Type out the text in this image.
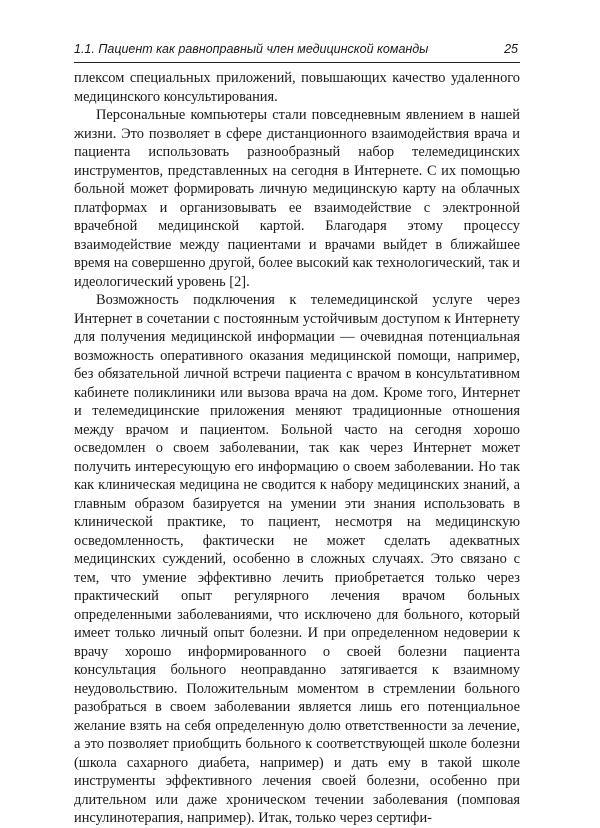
1.1. Пациент как равноправный член медицинской команды	25

плексом специальных приложений, повышающих качество удаленного медицинского консультирования.

Персональные компьютеры стали повседневным явлением в нашей жизни. Это позволяет в сфере дистанционного взаимодействия врача и пациента использовать разнообразный набор телемедицинских инструментов, представленных на сегодня в Интернете. С их помощью больной может формировать личную медицинскую карту на облачных платформах и организовывать ее взаимодействие с электронной врачебной медицинской картой. Благодаря этому процессу взаимодействие между пациентами и врачами выйдет в ближайшее время на совершенно другой, более высокий как технологический, так и идеологический уровень [2].

Возможность подключения к телемедицинской услуге через Интернет в сочетании с постоянным устойчивым доступом к Интернету для получения медицинской информации — очевидная потенциальная возможность оперативного оказания медицинской помощи, например, без обязательной личной встречи пациента с врачом в консультативном кабинете поликлиники или вызова врача на дом. Кроме того, Интернет и телемедицинские приложения меняют традиционные отношения между врачом и пациентом. Больной часто на сегодня хорошо осведомлен о своем заболевании, так как через Интернет может получить интересующую его информацию о своем заболевании. Но так как клиническая медицина не сводится к набору медицинских знаний, а главным образом базируется на умении эти знания использовать в клинической практике, то пациент, несмотря на медицинскую осведомленность, фактически не может сделать адекватных медицинских суждений, особенно в сложных случаях. Это связано с тем, что умение эффективно лечить приобретается только через практический опыт регулярного лечения врачом больных определенными заболеваниями, что исключено для больного, который имеет только личный опыт болезни. И при определенном недоверии к врачу хорошо информированного о своей болезни пациента консультация больного неоправданно затягивается к взаимному неудовольствию. Положительным моментом в стремлении больного разобраться в своем заболевании является лишь его потенциальное желание взять на себя определенную долю ответственности за лечение, а это позволяет приобщить больного к соответствующей школе болезни (школа сахарного диабета, например) и дать ему в такой школе инструменты эффективного лечения своей болезни, особенно при длительном или даже хроническом течении заболевания (помповая инсулинотерапия, например). Итак, только через сертифи-
